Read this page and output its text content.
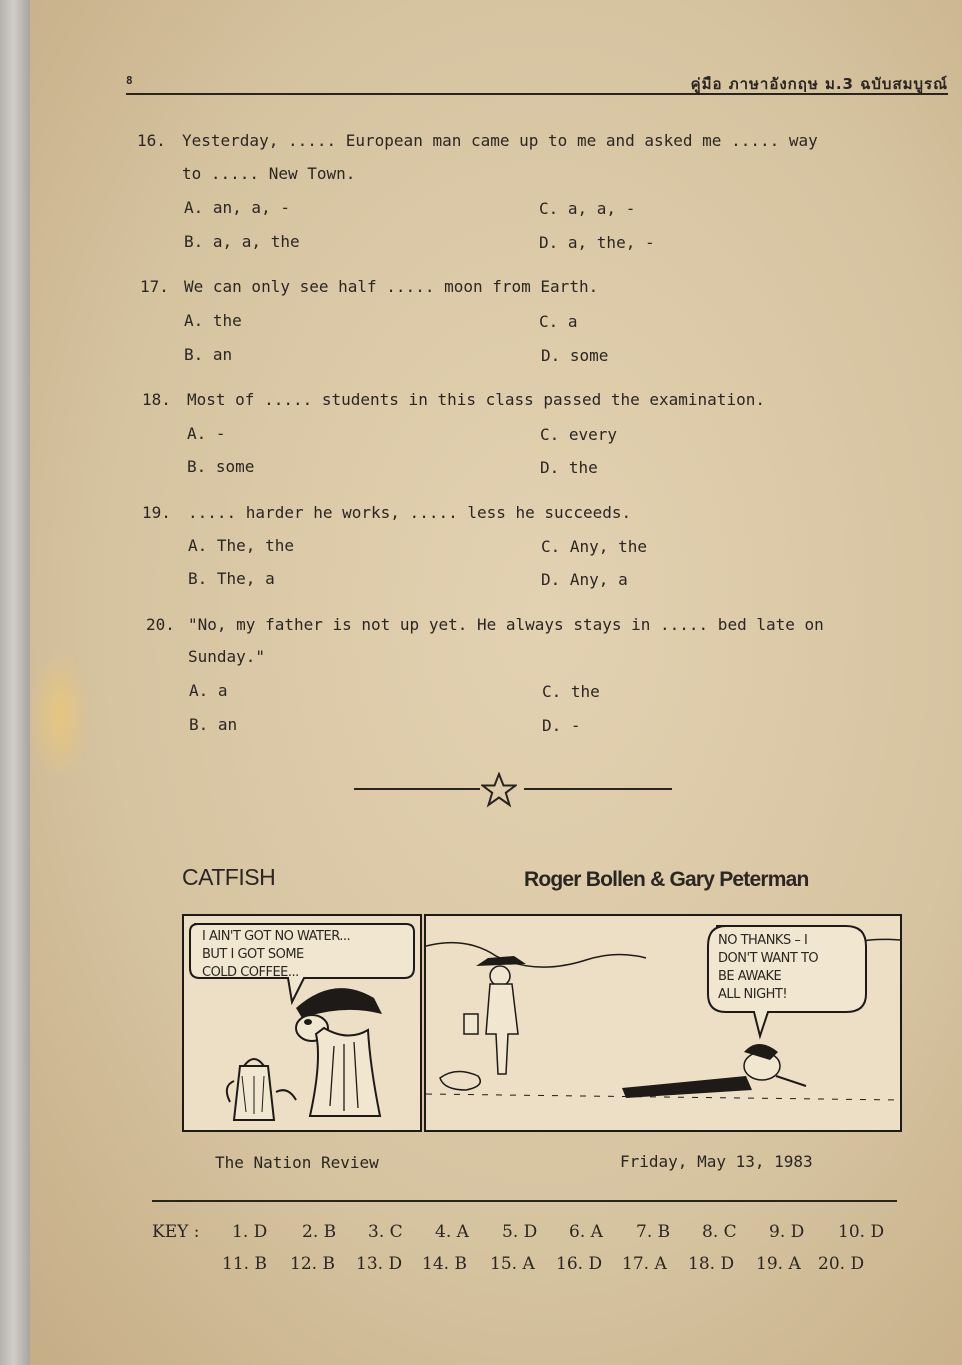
8	คู่มือ ภาษาอังกฤษ ม.3 ฉบับสมบูรณ์
16. Yesterday, ..... European man came up to me and asked me ..... way
to ..... New Town.
A. an, a, -	C. a, a, -
B. a, a, the	D. a, the, -
17. We can only see half ..... moon from Earth.
A. the	C. a
B. an	D. some
18. Most of ..... students in this class passed the examination.
A. -	C. every
B. some	D. the
19. ..... harder he works, ..... less he succeeds.
A. The, the	C. Any, the
B. The, a	D. Any, a
20. "No, my father is not up yet. He always stays in ..... bed late on
Sunday."
A. a	C. the
B. an	D. -
CATFISH	Roger Bollen & Gary Peterman
I AIN'T GOT NO WATER...
BUT I GOT SOME
COLD COFFEE...
NO THANKS – I
DON'T WANT TO
BE AWAKE
ALL NIGHT!
The Nation Review	Friday, May 13, 1983
KEY : 1. D 2. B 3. C 4. A 5. D 6. A 7. B 8. C 9. D 10. D
11. B 12. B 13. D 14. B 15. A 16. D 17. A 18. D 19. A 20. D
